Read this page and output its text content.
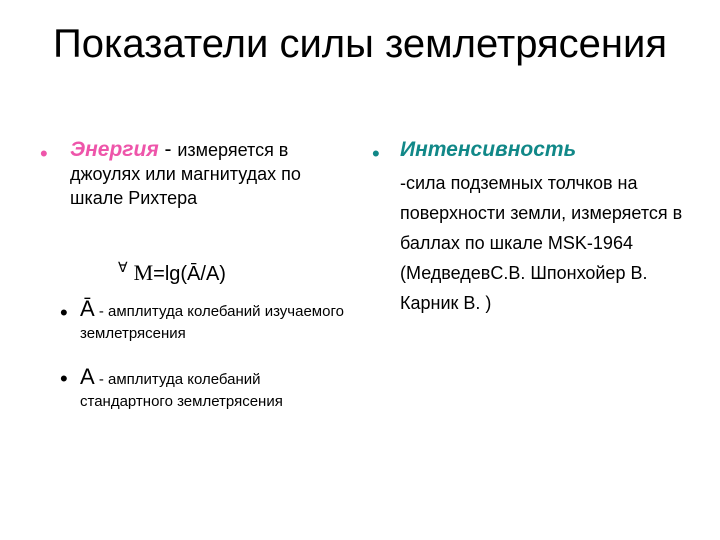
Показатели силы землетрясения
• Энергия - измеряется в джоулях или магнитудах по шкале Рихтера
∀ M=lg(Ā/A)
• Ā - амплитуда колебаний изучаемого землетрясения
• A - амплитуда колебаний стандартного землетрясения
• Интенсивность
-сила подземных толчков на поверхности земли, измеряется в баллах по шкале MSK-1964 (МедведевС.В. Шпонхойер В. Карник В. )
